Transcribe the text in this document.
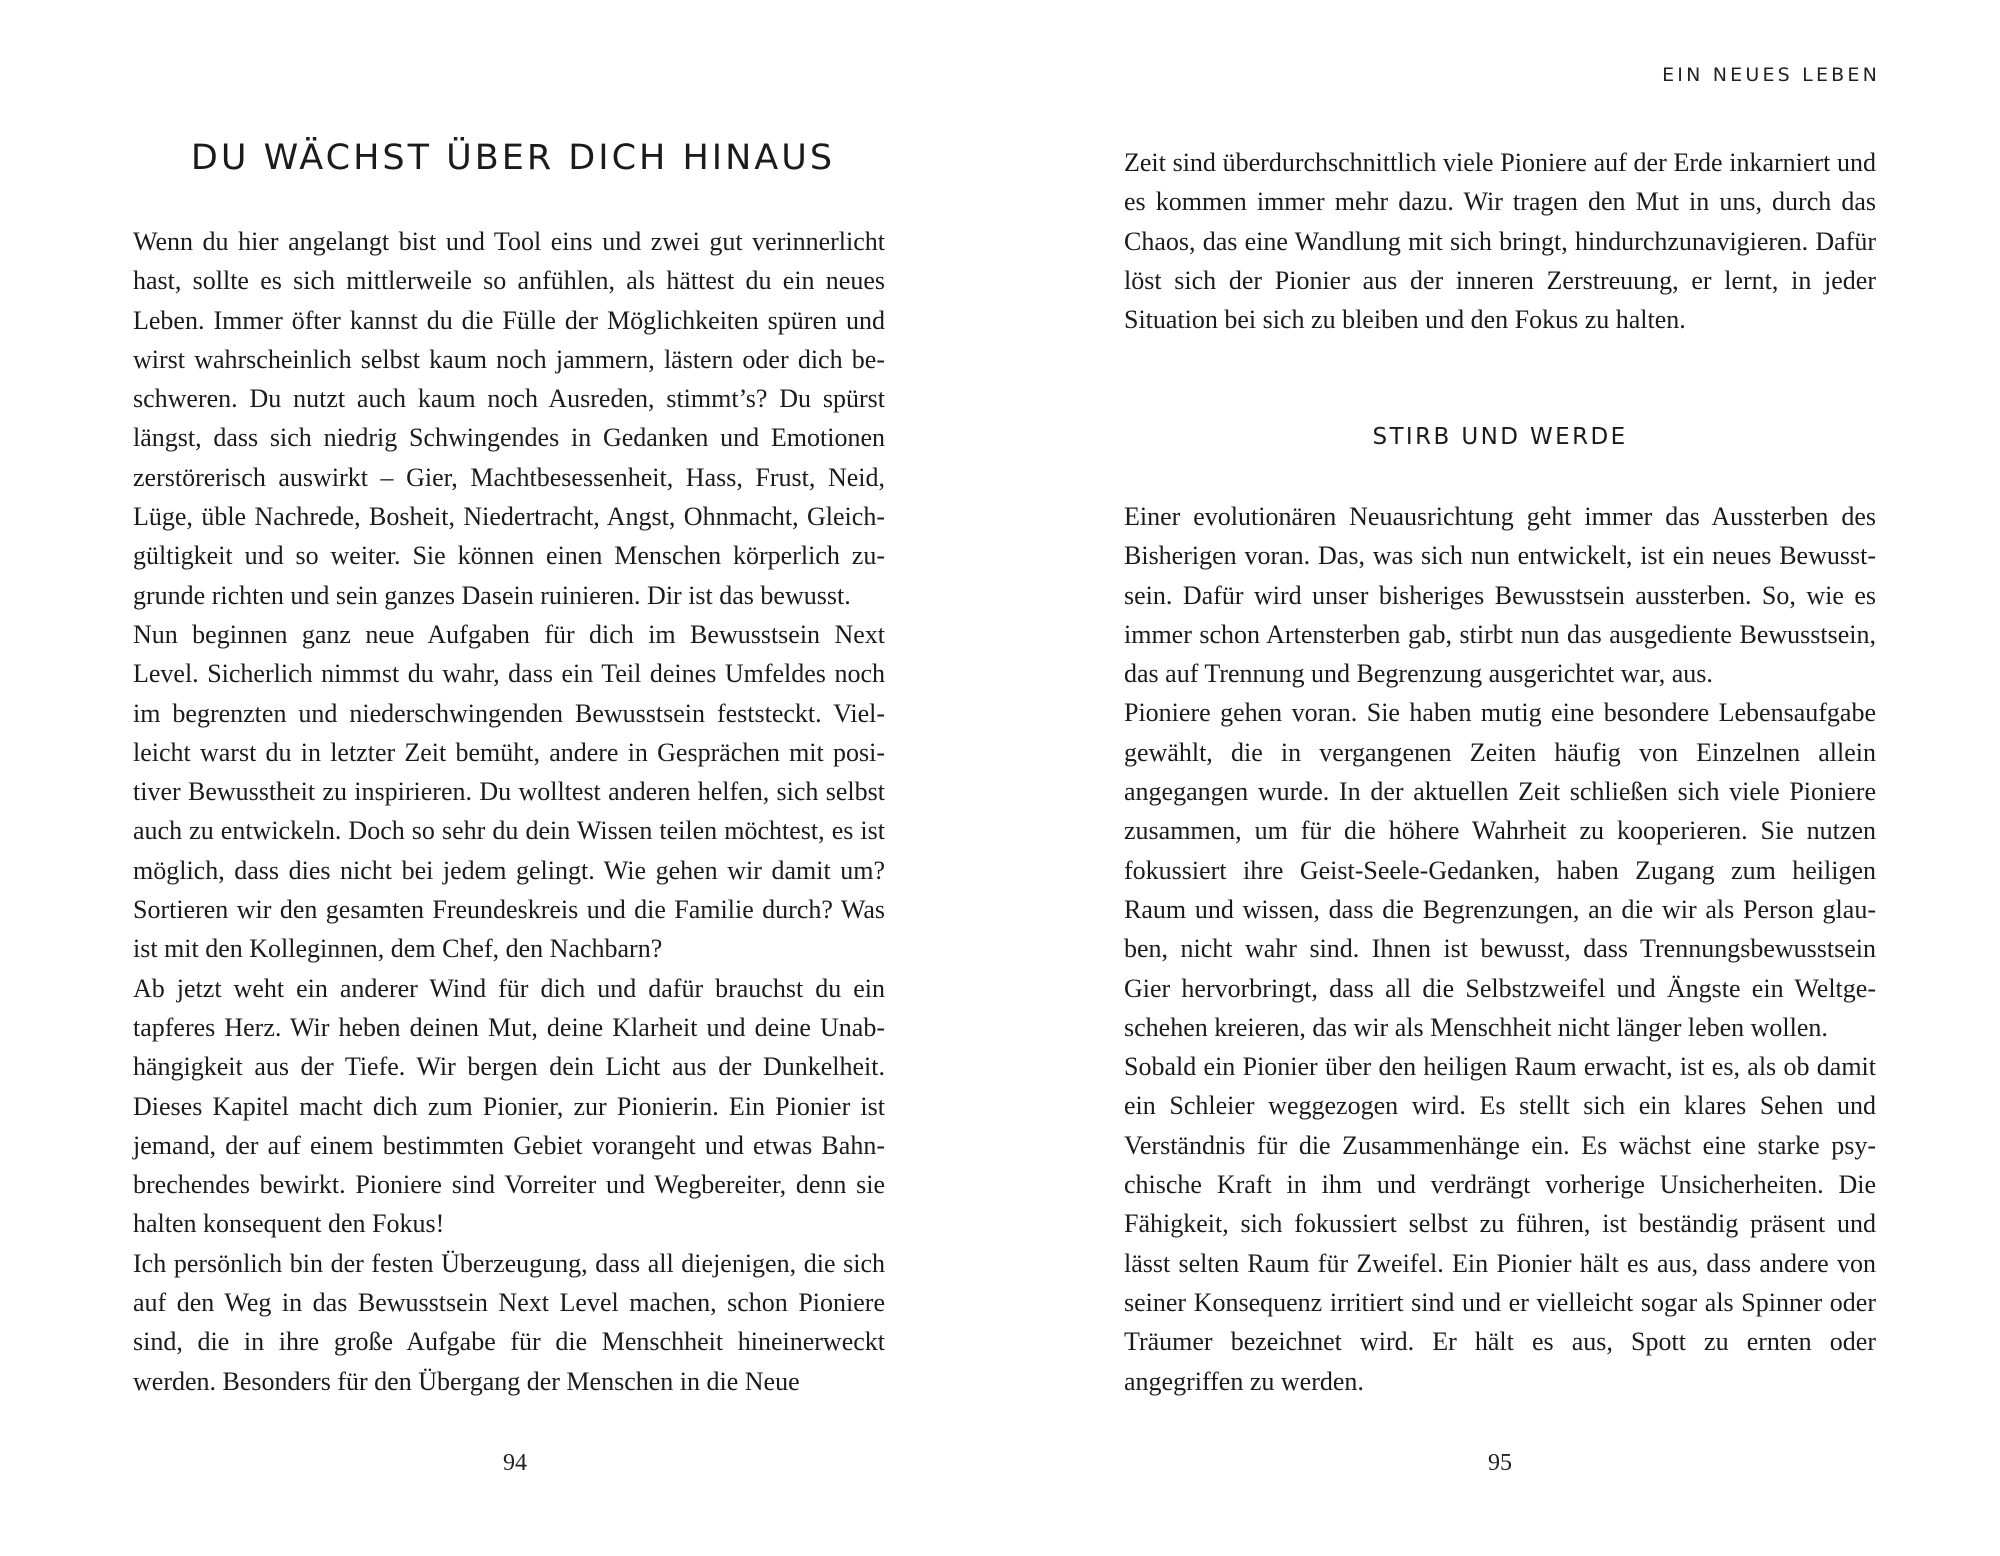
DU WÄCHST ÜBER DICH HINAUS

Wenn du hier angelangt bist und Tool eins und zwei gut verinnerlicht hast, sollte es sich mittlerweile so anfühlen, als hättest du ein neues Leben. Immer öfter kannst du die Fülle der Möglichkeiten spüren und wirst wahrscheinlich selbst kaum noch jammern, lästern oder dich beschweren. Du nutzt auch kaum noch Ausreden, stimmt’s? Du spürst längst, dass sich niedrig Schwingendes in Gedanken und Emotionen zerstörerisch auswirkt – Gier, Machtbesessenheit, Hass, Frust, Neid, Lüge, üble Nachrede, Bosheit, Niedertracht, Angst, Ohnmacht, Gleichgültigkeit und so weiter. Sie können einen Menschen körperlich zugrunde richten und sein ganzes Dasein ruinieren. Dir ist das bewusst.

Nun beginnen ganz neue Aufgaben für dich im Bewusstsein Next Level. Sicherlich nimmst du wahr, dass ein Teil deines Umfeldes noch im begrenzten und niederschwingenden Bewusstsein feststeckt. Vielleicht warst du in letzter Zeit bemüht, andere in Gesprächen mit positiver Bewusstheit zu inspirieren. Du wolltest anderen helfen, sich selbst auch zu entwickeln. Doch so sehr du dein Wissen teilen möchtest, es ist möglich, dass dies nicht bei jedem gelingt. Wie gehen wir damit um? Sortieren wir den gesamten Freundeskreis und die Familie durch? Was ist mit den Kolleginnen, dem Chef, den Nachbarn?

Ab jetzt weht ein anderer Wind für dich und dafür brauchst du ein tapferes Herz. Wir heben deinen Mut, deine Klarheit und deine Unabhängigkeit aus der Tiefe. Wir bergen dein Licht aus der Dunkelheit. Dieses Kapitel macht dich zum Pionier, zur Pionierin. Ein Pionier ist jemand, der auf einem bestimmten Gebiet vorangeht und etwas Bahnbrechendes bewirkt. Pioniere sind Vorreiter und Wegbereiter, denn sie halten konsequent den Fokus!

Ich persönlich bin der festen Überzeugung, dass all diejenigen, die sich auf den Weg in das Bewusstsein Next Level machen, schon Pioniere sind, die in ihre große Aufgabe für die Menschheit hineinerweckt werden. Besonders für den Übergang der Menschen in die Neue

94
EIN NEUES LEBEN

Zeit sind überdurchschnittlich viele Pioniere auf der Erde inkarniert und es kommen immer mehr dazu. Wir tragen den Mut in uns, durch das Chaos, das eine Wandlung mit sich bringt, hindurchzunavigieren. Dafür löst sich der Pionier aus der inneren Zerstreuung, er lernt, in jeder Situation bei sich zu bleiben und den Fokus zu halten.

STIRB UND WERDE

Einer evolutionären Neuausrichtung geht immer das Aussterben des Bisherigen voran. Das, was sich nun entwickelt, ist ein neues Bewusstsein. Dafür wird unser bisheriges Bewusstsein aussterben. So, wie es immer schon Artensterben gab, stirbt nun das ausgediente Bewusstsein, das auf Trennung und Begrenzung ausgerichtet war, aus.

Pioniere gehen voran. Sie haben mutig eine besondere Lebensaufgabe gewählt, die in vergangenen Zeiten häufig von Einzelnen allein angegangen wurde. In der aktuellen Zeit schließen sich viele Pioniere zusammen, um für die höhere Wahrheit zu kooperieren. Sie nutzen fokussiert ihre Geist-Seele-Gedanken, haben Zugang zum heiligen Raum und wissen, dass die Begrenzungen, an die wir als Person glauben, nicht wahr sind. Ihnen ist bewusst, dass Trennungsbewusstsein Gier hervorbringt, dass all die Selbstzweifel und Ängste ein Weltgeschehen kreieren, das wir als Menschheit nicht länger leben wollen.

Sobald ein Pionier über den heiligen Raum erwacht, ist es, als ob damit ein Schleier weggezogen wird. Es stellt sich ein klares Sehen und Verständnis für die Zusammenhänge ein. Es wächst eine starke psychische Kraft in ihm und verdrängt vorherige Unsicherheiten. Die Fähigkeit, sich fokussiert selbst zu führen, ist beständig präsent und lässt selten Raum für Zweifel. Ein Pionier hält es aus, dass andere von seiner Konsequenz irritiert sind und er vielleicht sogar als Spinner oder Träumer bezeichnet wird. Er hält es aus, Spott zu ernten oder angegriffen zu werden.

95
